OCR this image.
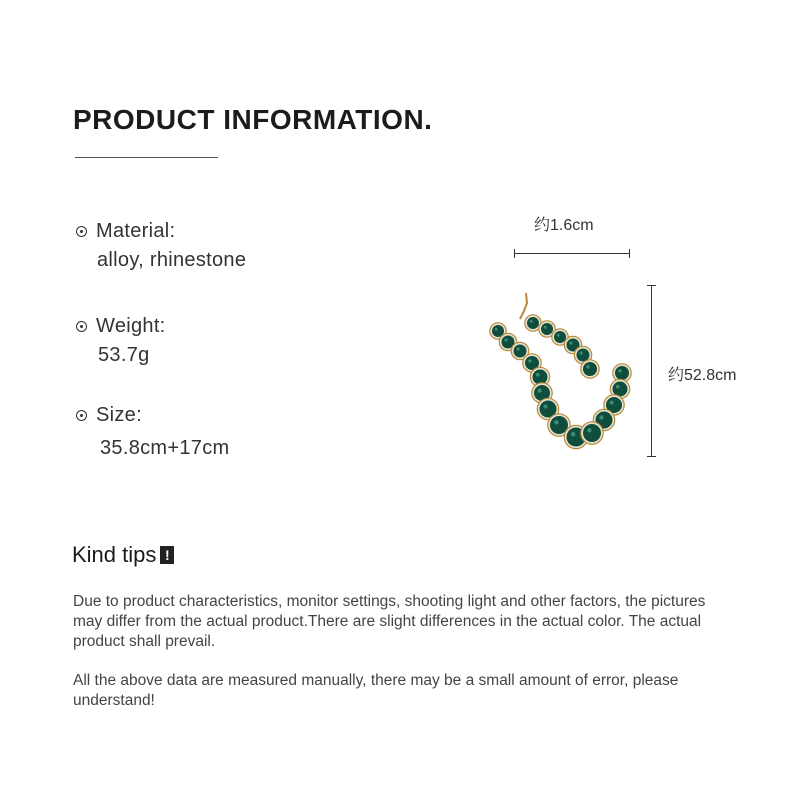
PRODUCT INFORMATION.
Material:
alloy, rhinestone
Weight:
53.7g
Size:
35.8cm+17cm
约1.6cm
约52.8cm
Kind tips !

Due to product characteristics, monitor settings, shooting light and other factors, the pictures may differ from the actual product.There are slight differences in the actual color. The actual product shall prevail.

All the above data are measured manually, there may be a small amount of error, please understand!
